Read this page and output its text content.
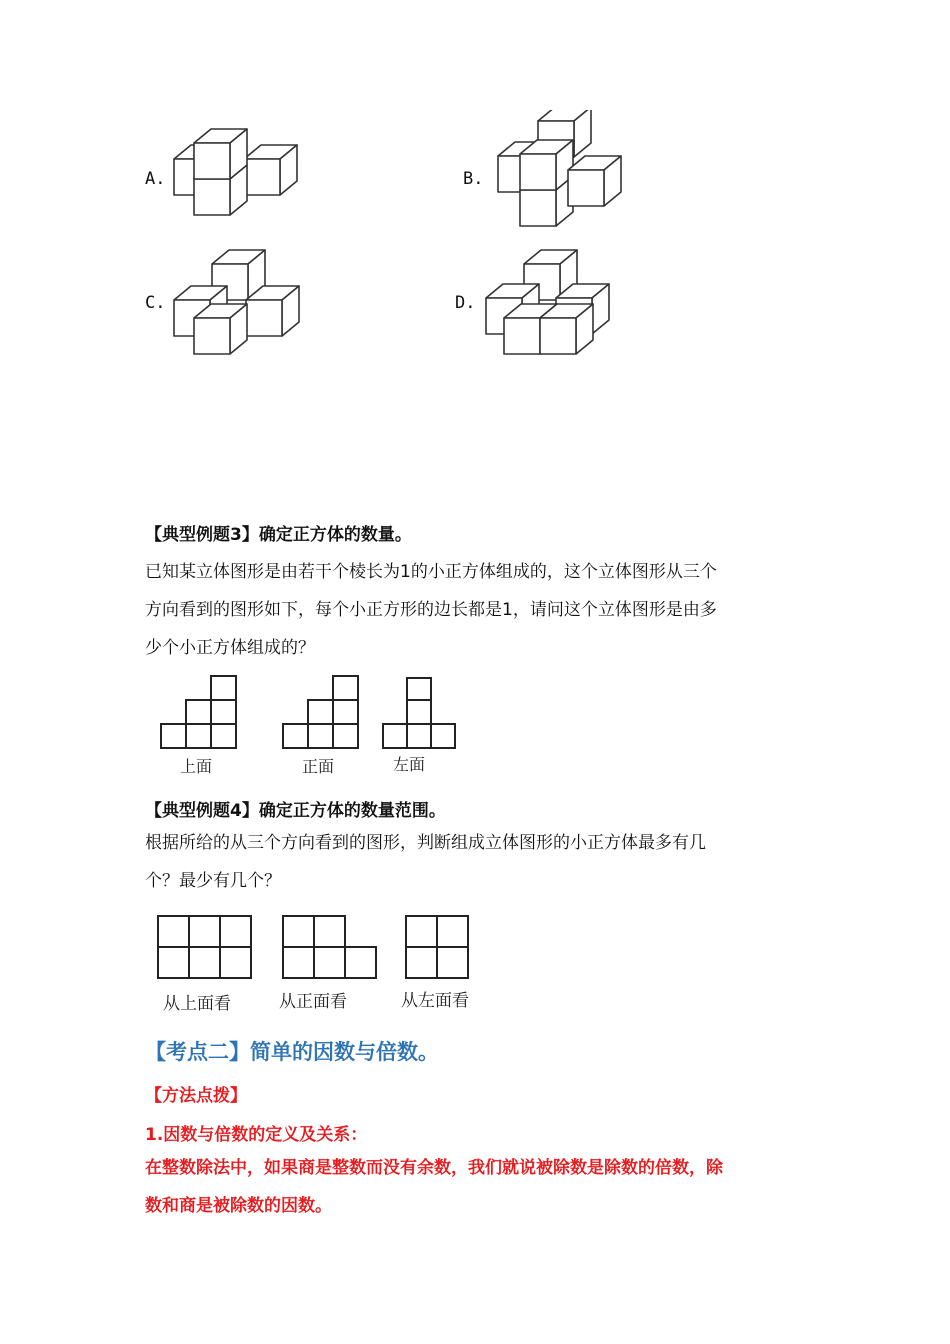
A.	B.
C.	D.
【典型例题3】确定正方体的数量。
已知某立体图形是由若干个棱长为1的小正方体组成的，这个立体图形从三个
方向看到的图形如下，每个小正方形的边长都是1，请问这个立体图形是由多
少个小正方体组成的？
上面	正面	左面
【典型例题4】确定正方体的数量范围。
根据所给的从三个方向看到的图形，判断组成立体图形的小正方体最多有几
个？最少有几个？
从上面看	从正面看	从左面看
【考点二】简单的因数与倍数。
【方法点拨】
1.因数与倍数的定义及关系：
在整数除法中，如果商是整数而没有余数，我们就说被除数是除数的倍数，除
数和商是被除数的因数。
